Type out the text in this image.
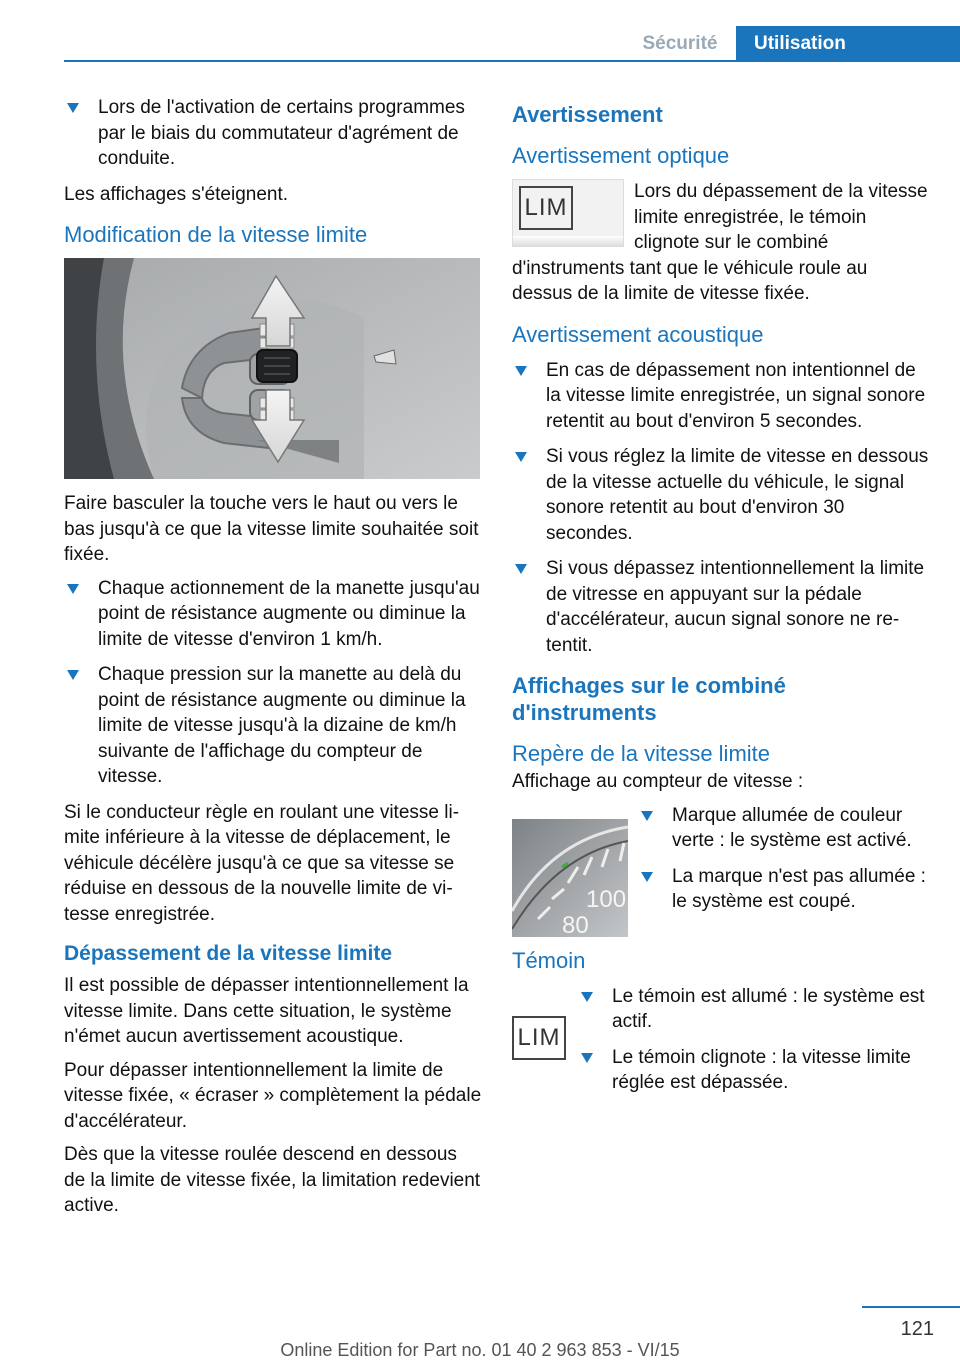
Sécurité	Utilisation
Lors de l'activation de certains programmes par le biais du commutateur d'agrément de conduite.
Les affichages s'éteignent.
Modification de la vitesse limite
Faire basculer la touche vers le haut ou vers le bas jusqu'à ce que la vitesse limite souhaitée soit fixée.
Chaque actionnement de la manette jusqu'au point de résistance augmente ou diminue la limite de vitesse d'environ 1 km/h.
Chaque pression sur la manette au delà du point de résistance augmente ou diminue la limite de vitesse jusqu'à la dizaine de km/h suivante de l'affichage du compteur de vitesse.
Si le conducteur règle en roulant une vitesse limite inférieure à la vitesse de déplacement, le véhicule décélère jusqu'à ce que sa vitesse se réduise en dessous de la nouvelle limite de vitesse enregistrée.
Dépassement de la vitesse limite
Il est possible de dépasser intentionnellement la vitesse limite. Dans cette situation, le système n'émet aucun avertissement acoustique.
Pour dépasser intentionnellement la limite de vitesse fixée, « écraser » complètement la pédale d'accélérateur.
Dès que la vitesse roulée descend en dessous de la limite de vitesse fixée, la limitation redevient active.
Avertissement
Avertissement optique
LIM
Lors du dépassement de la vitesse limite enregistrée, le témoin clignote sur le combiné d'instruments tant que le véhicule roule au dessus de la limite de vitesse fixée.
Avertissement acoustique
En cas de dépassement non intentionnel de la vitesse limite enregistrée, un signal sonore retentit au bout d'environ 5 secondes.
Si vous réglez la limite de vitesse en dessous de la vitesse actuelle du véhicule, le signal sonore retentit au bout d'environ 30 secondes.
Si vous dépassez intentionnellement la limite de vitresse en appuyant sur la pédale d'accélérateur, aucun signal sonore ne retentit.
Affichages sur le combiné d'instruments
Repère de la vitesse limite
Affichage au compteur de vitesse :
100
80
Marque allumée de couleur verte : le système est activé.
La marque n'est pas allumée : le système est coupé.
Témoin
LIM
Le témoin est allumé : le système est actif.
Le témoin clignote : la vitesse limite réglée est dépassée.
121
Online Edition for Part no. 01 40 2 963 853 - VI/15
